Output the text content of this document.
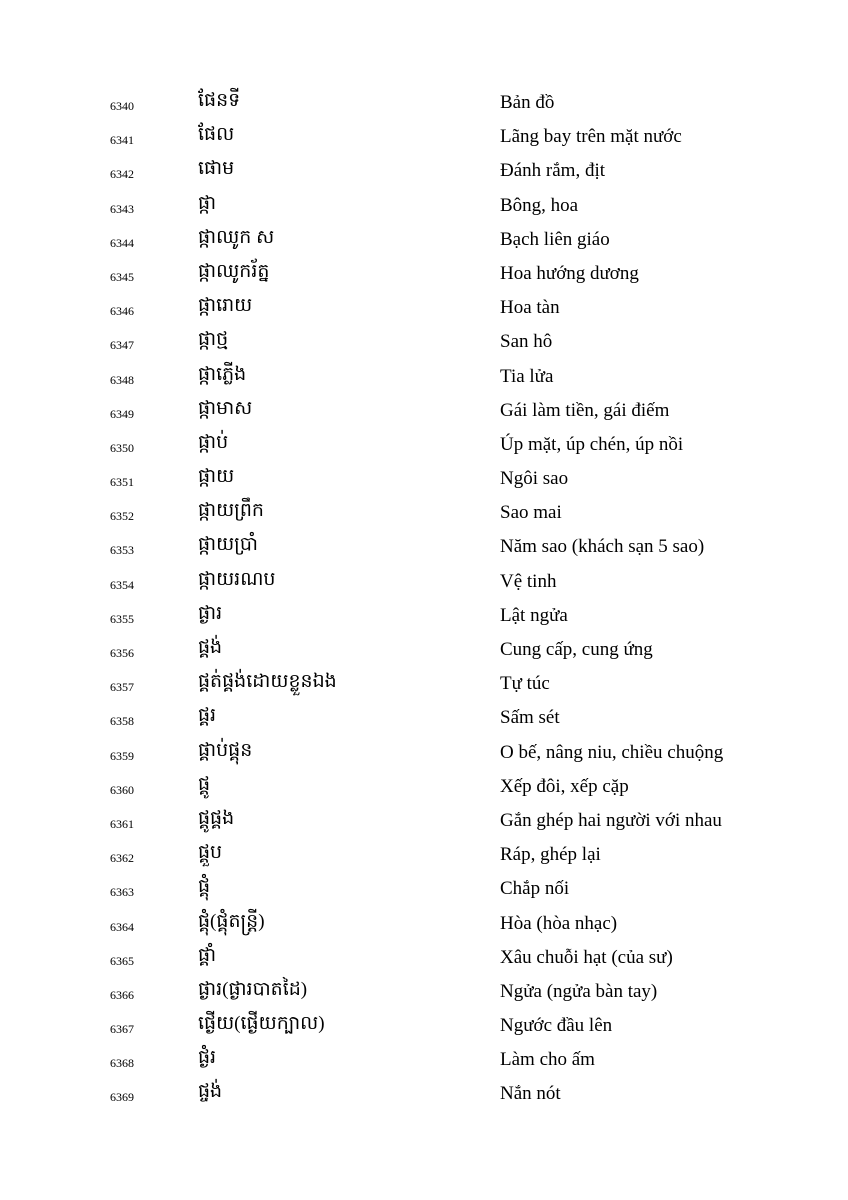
6340	ផែនទី	Bản đồ
6341	ផែល	Lãng bay trên mặt nước
6342	ផោម	Đánh rắm, địt
6343	ផ្កា	Bông, hoa
6344	ផ្កាឈូក ស	Bạch liên giáo
6345	ផ្កាឈូករ័ត្ន	Hoa hướng dương
6346	ផ្ការោយ	Hoa tàn
6347	ផ្កាថ្ម	San hô
6348	ផ្កាភ្លើង	Tia lửa
6349	ផ្កាមាស	Gái làm tiền, gái điếm
6350	ផ្កាប់	Úp mặt, úp chén, úp nồi
6351	ផ្កាយ	Ngôi sao
6352	ផ្កាយព្រឹក	Sao mai
6353	ផ្កាយប្រាំ	Năm sao (khách sạn 5 sao)
6354	ផ្កាយរណប	Vệ tinh
6355	ផ្ងារ	Lật ngửa
6356	ផ្គង់	Cung cấp, cung ứng
6357	ផ្គត់ផ្គង់ដោយខ្លួនឯង	Tự túc
6358	ផ្គរ	Sấm sét
6359	ផ្គាប់ផ្គុន	O bế, nâng niu, chiều chuộng
6360	ផ្គូ	Xếp đôi, xếp cặp
6361	ផ្គូផ្គង	Gắn ghép hai người với nhau
6362	ផ្គួប	Ráp, ghép lại
6363	ផ្គុំ	Chắp nối
6364	ផ្គុំ(ផ្គុំតន្ត្រី)	Hòa (hòa nhạc)
6365	ផ្គាំ	Xâu chuỗi hạt (của sư)
6366	ផ្ងារ(ផ្ងារបាតដៃ)	Ngửa (ngửa bàn tay)
6367	ផ្ងើយ(ផ្ងើយក្បាល)	Ngước đầu lên
6368	ផ្ងំរ	Làm cho ấm
6369	ផ្ចង់	Nắn nót
